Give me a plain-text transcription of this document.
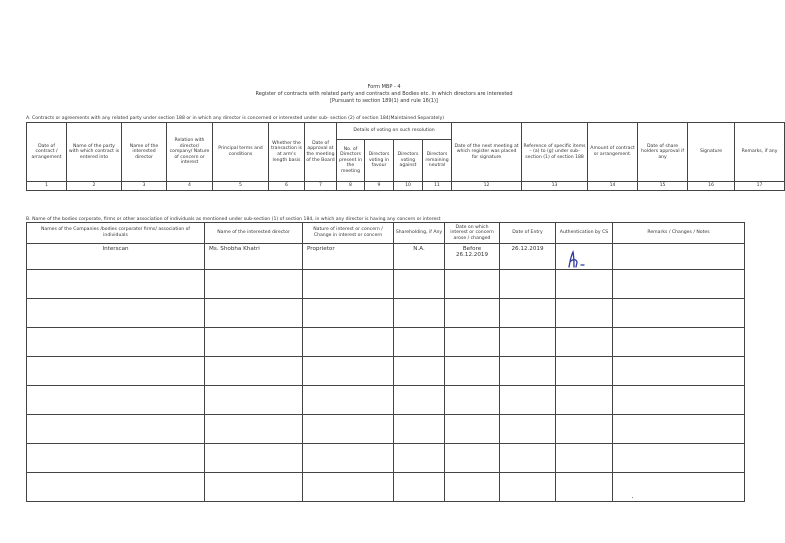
Form MBP - 4
Register of contracts with related party and contracts and Bodies etc. in which directors are interested
[Pursuant to section 189(1) and rule 16(1)]
A. Contracts or agreements with any related party under section 188 or in which any director is concerned or interested under sub- section (2) of section 184(Maintained Separately)
Date of contract / arrangement	Name of the party with which contract is entered into	Name of the interested director	Relation with director/ company/ Nature of concern or interest	Principal terms and conditions	Whether the transaction is at arm's length basis	Date of approval at the meeting of the Board	Details of voting on such resolution				Date of the next meeting at which register was placed for signature	Reference of specific items – (a) to (g) under sub-section (1) of section 188	Amount of contract or arrangement.	Date of share holders approval if any	Signature	Remarks, if any
							No. of Directors present in the meeting	Directors voting in favour	Directors voting against	Directors remaining neutral						
1	2	3	4	5	6	7	8	9	10	11	12	13	14	15	16	17
B. Name of the bodies corporate, firms or other association of individuals as mentioned under sub-section (1) of section 184, in which any director is having any concern or interest
Names of the Companies /bodies corporate/ firms/ association of individuals	Name of the interested director	Nature of interest or concern / Change in interest or concern	Shareholding, if Any	Date on which interest or concern arose / changed	Date of Entry	Authentication by CS	Remarks / Changes / Notes
Interscan	Ms. Shobha Khatri	Proprietor	N.A.	Before 26.12.2019	26.12.2019		
